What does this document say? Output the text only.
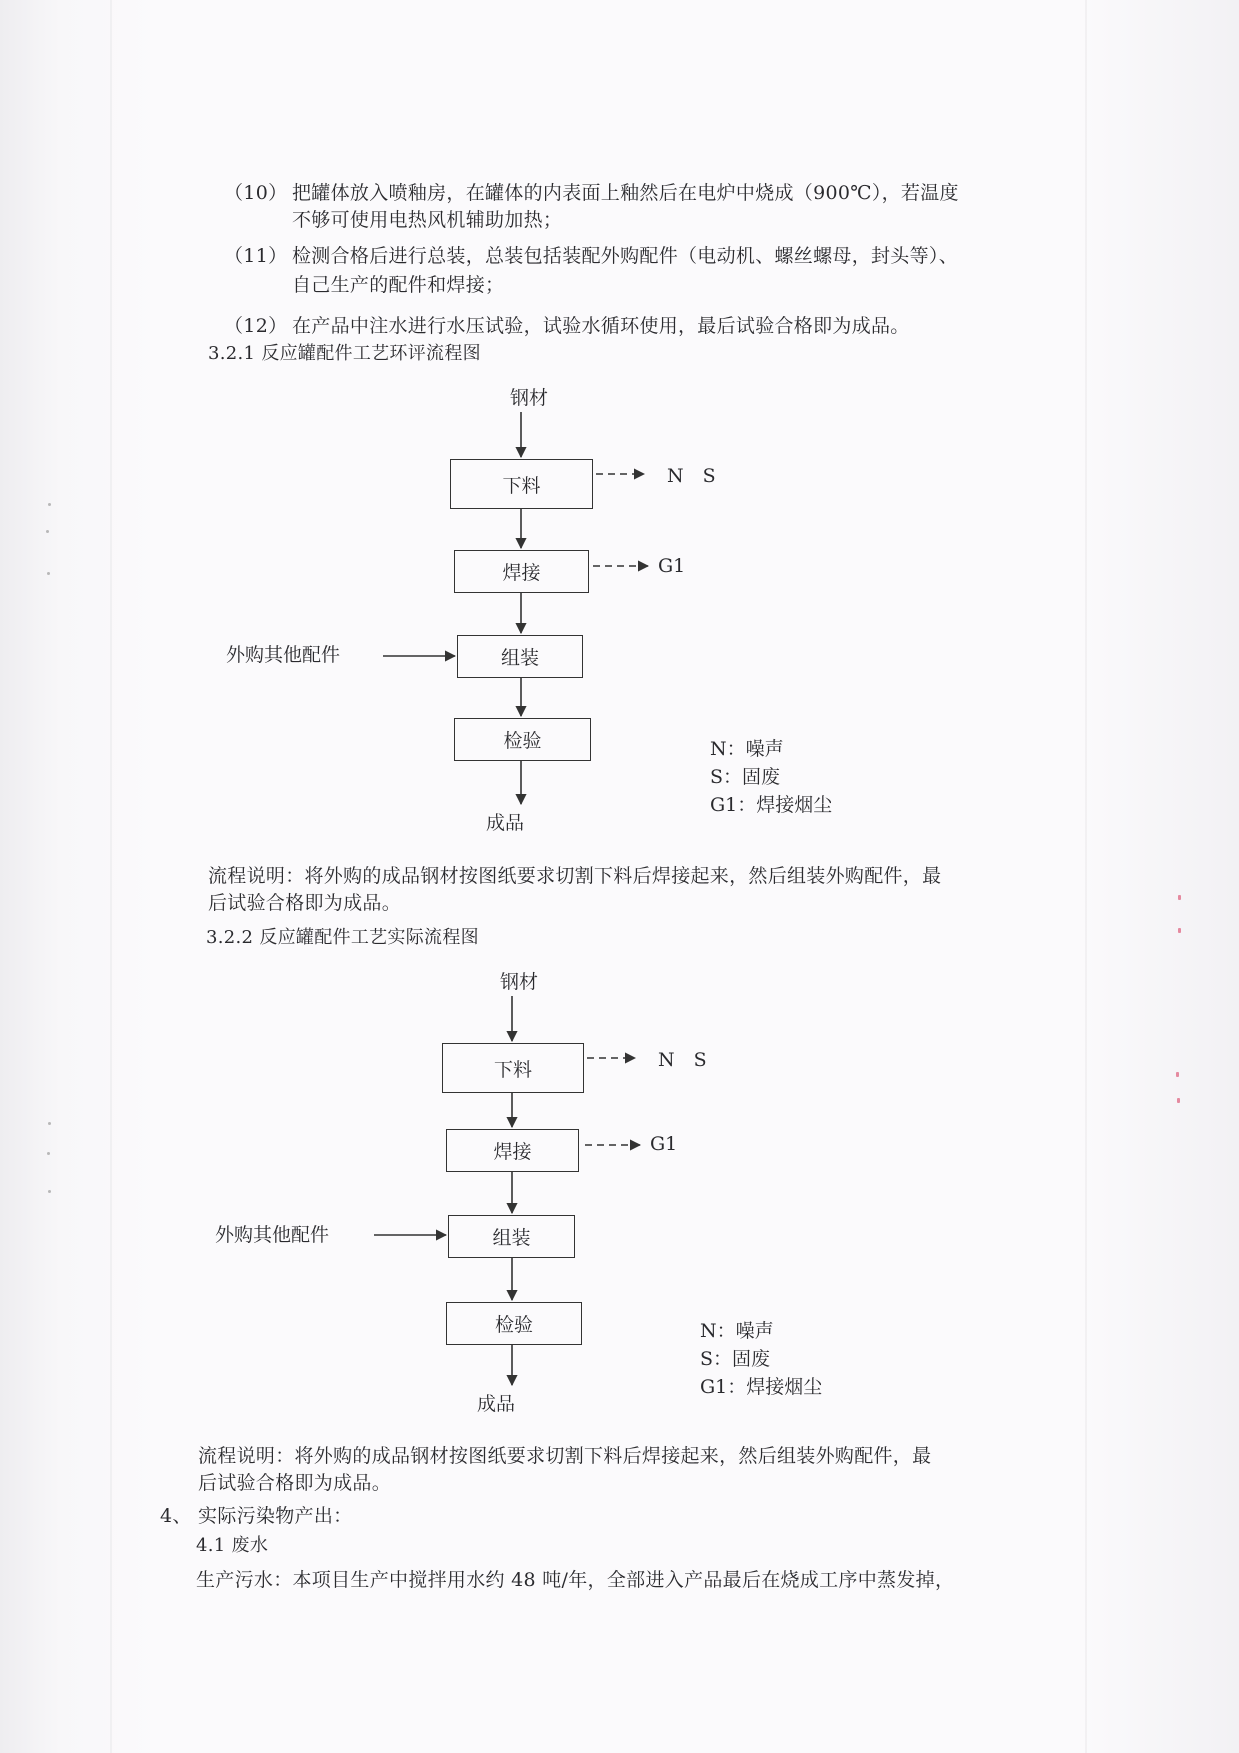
（10） 把罐体放入喷釉房，在罐体的内表面上釉然后在电炉中烧成（900℃），若温度
不够可使用电热风机辅助加热；
（11） 检测合格后进行总装，总装包括装配外购配件（电动机、螺丝螺母，封头等）、
自己生产的配件和焊接；
（12） 在产品中注水进行水压试验，试验水循环使用，最后试验合格即为成品。
3.2.1 反应罐配件工艺环评流程图
钢材
下料	N　S
焊接	G1
外购其他配件	组装
检验
成品
N：噪声
S：固废
G1：焊接烟尘
流程说明：将外购的成品钢材按图纸要求切割下料后焊接起来，然后组装外购配件，最
后试验合格即为成品。
3.2.2 反应罐配件工艺实际流程图
钢材
下料	N　S
焊接	G1
外购其他配件	组装
检验
成品
N：噪声
S：固废
G1：焊接烟尘
流程说明：将外购的成品钢材按图纸要求切割下料后焊接起来，然后组装外购配件，最
后试验合格即为成品。
4、 实际污染物产出：
4.1 废水
生产污水：本项目生产中搅拌用水约 48 吨/年，全部进入产品最后在烧成工序中蒸发掉，
